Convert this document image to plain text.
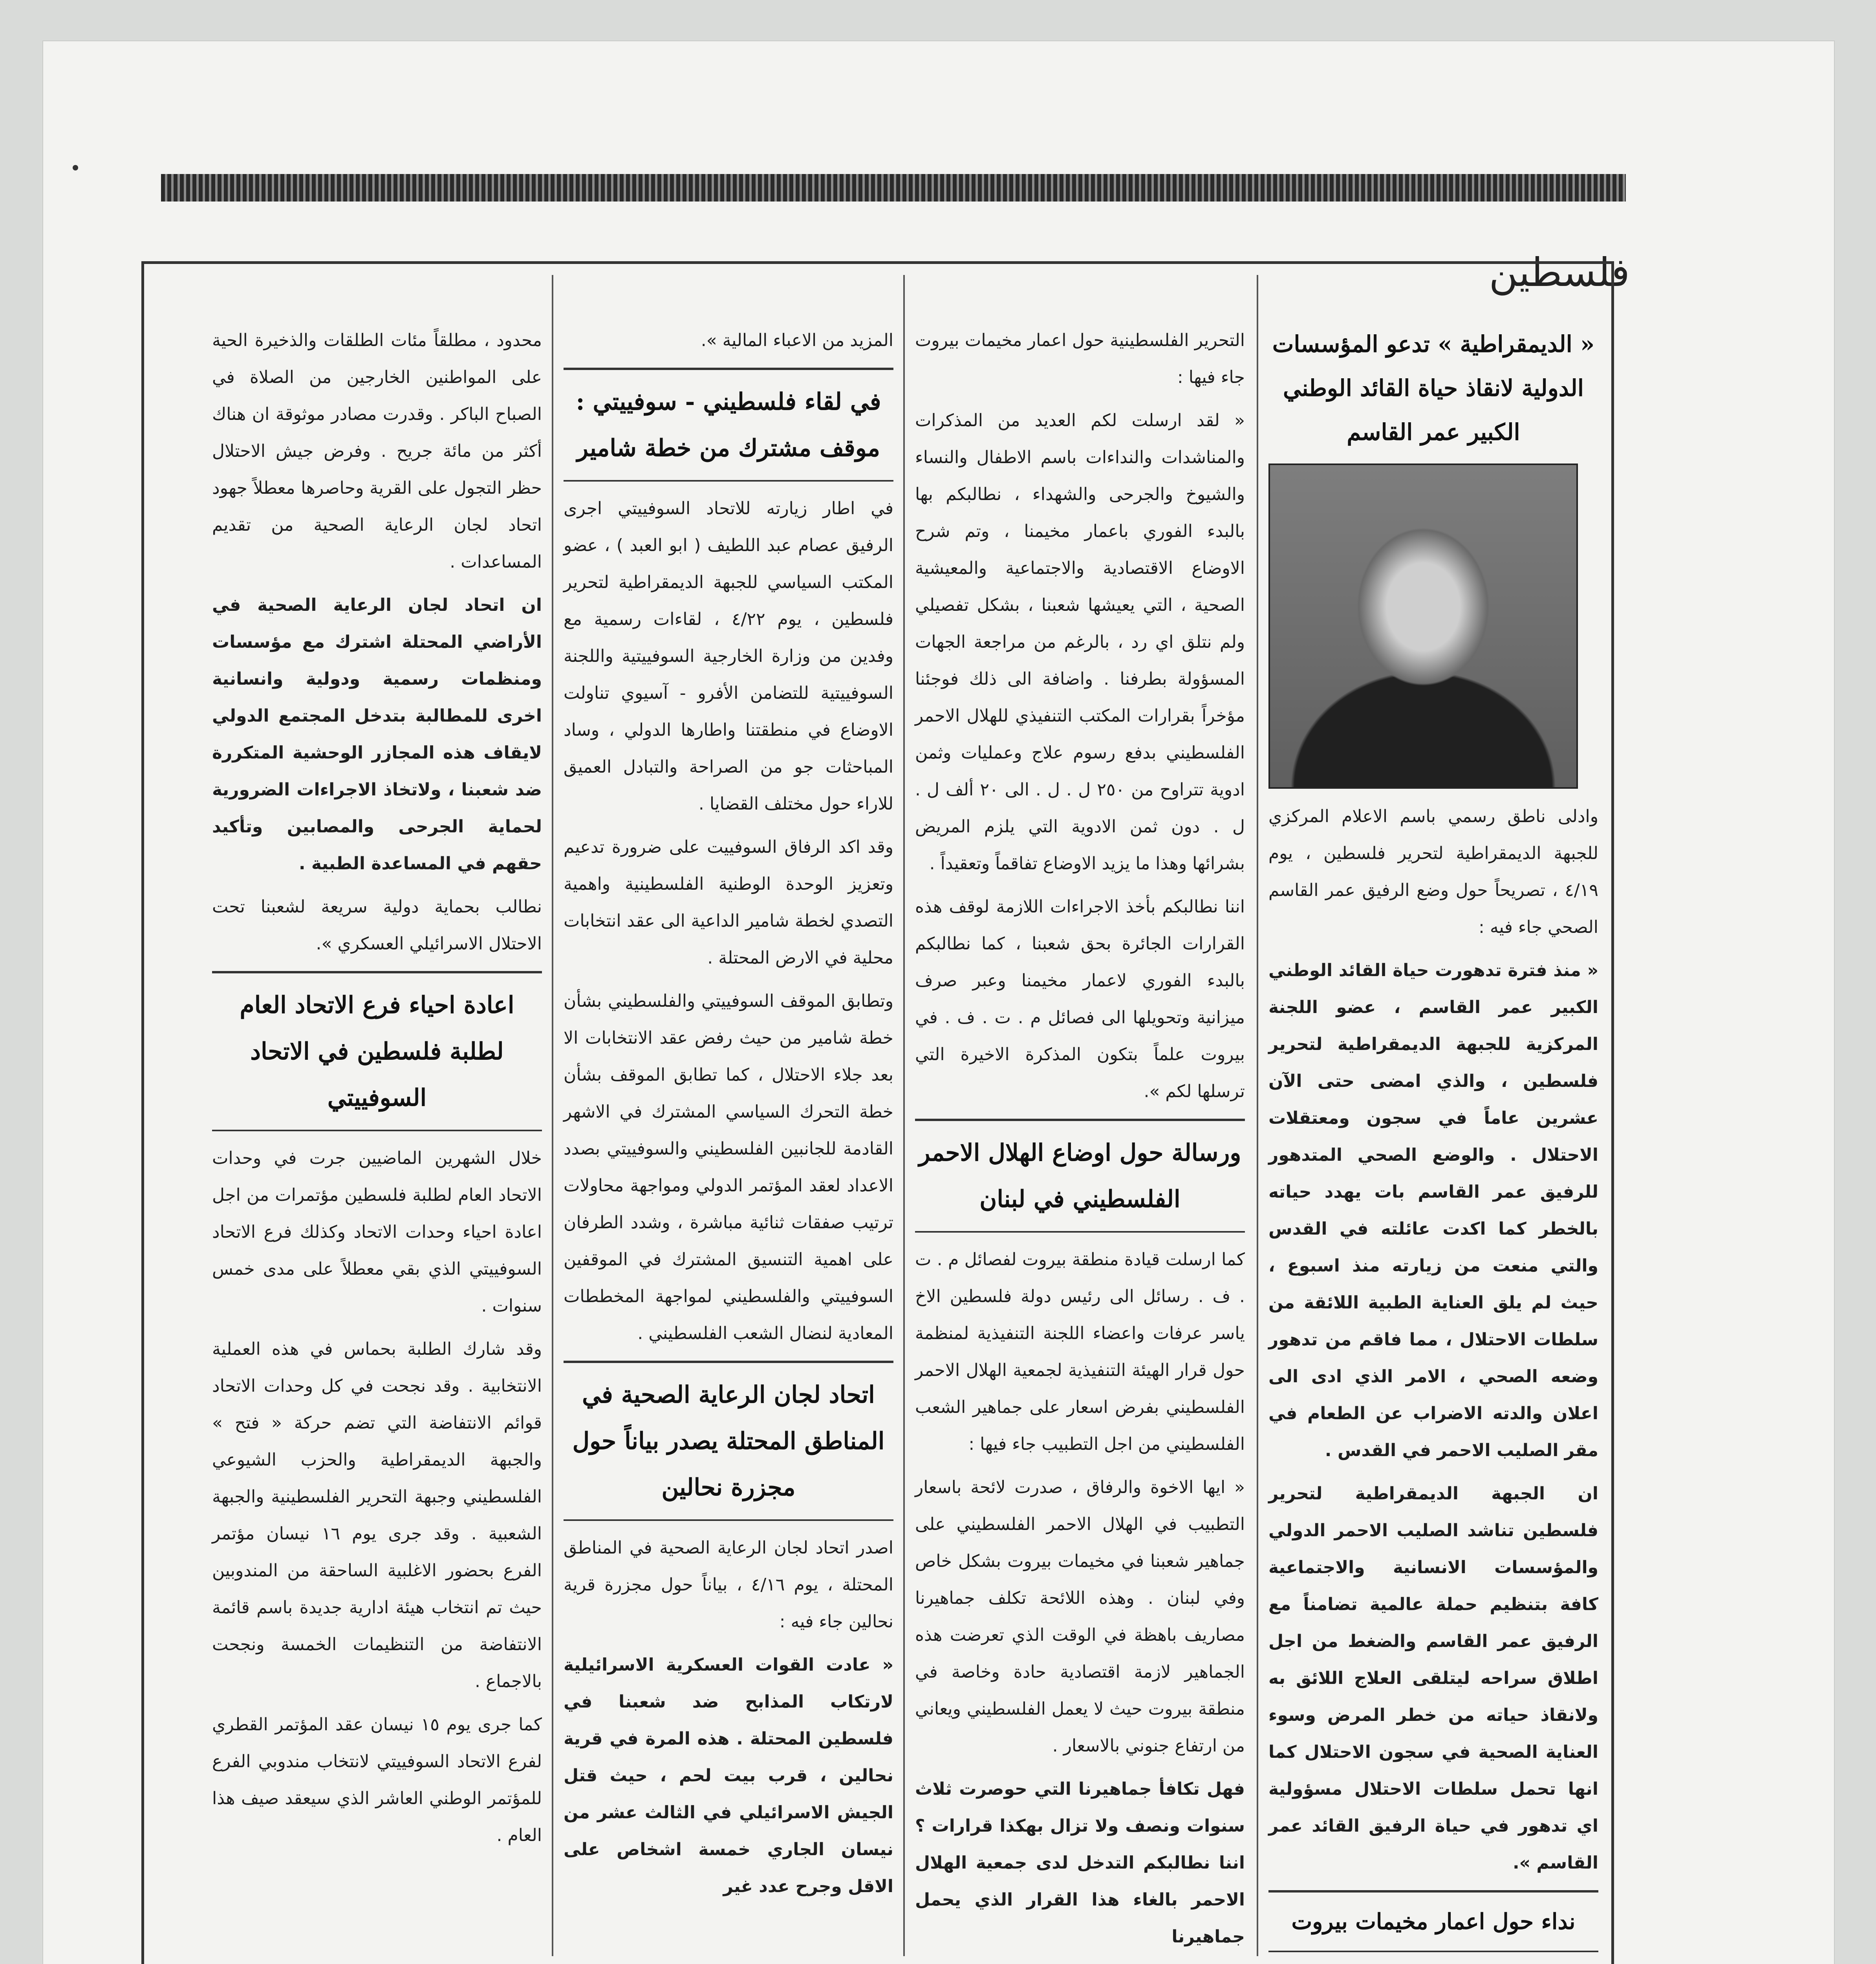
فلسطين
« الديمقراطية » تدعو المؤسسات الدولية لانقاذ حياة القائد الوطني الكبير عمر القاسم

وادلى ناطق رسمي باسم الاعلام المركزي للجبهة الديمقراطية لتحرير فلسطين ، يوم ٤/١٩ ، تصريحاً حول وضع الرفيق عمر القاسم الصحي جاء فيه :

« منذ فترة تدهورت حياة القائد الوطني الكبير عمر القاسم ، عضو اللجنة المركزية للجبهة الديمقراطية لتحرير فلسطين ، والذي امضى حتى الآن عشرين عاماً في سجون ومعتقلات الاحتلال . والوضع الصحي المتدهور للرفيق عمر القاسم بات يهدد حياته بالخطر كما اكدت عائلته في القدس والتي منعت من زيارته منذ اسبوع ، حيث لم يلق العناية الطبية اللائقة من سلطات الاحتلال ، مما فاقم من تدهور وضعه الصحي ، الامر الذي ادى الى اعلان والدته الاضراب عن الطعام في مقر الصليب الاحمر في القدس .

ان الجبهة الديمقراطية لتحرير فلسطين تناشد الصليب الاحمر الدولي والمؤسسات الانسانية والاجتماعية كافة بتنظيم حملة عالمية تضامناً مع الرفيق عمر القاسم والضغط من اجل اطلاق سراحه ليتلقى العلاج اللائق به ولانقاذ حياته من خطر المرض وسوء العناية الصحية في سجون الاحتلال كما انها تحمل سلطات الاحتلال مسؤولية اي تدهور في حياة الرفيق القائد عمر القاسم ».

نداء حول اعمار مخيمات بيروت

التحرير الفلسطينية حول اعمار مخيمات بيروت جاء فيها :

« لقد ارسلت لكم العديد من المذكرات والمناشدات والنداءات باسم الاطفال والنساء والشيوخ والجرحى والشهداء ، نطالبكم بها بالبدء الفوري باعمار مخيمنا ، وتم شرح الاوضاع الاقتصادية والاجتماعية والمعيشية الصحية ، التي يعيشها شعبنا ، بشكل تفصيلي ولم نتلق اي رد ، بالرغم من مراجعة الجهات المسؤولة بطرفنا . واضافة الى ذلك فوجئنا مؤخراً بقرارات المكتب التنفيذي للهلال الاحمر الفلسطيني بدفع رسوم علاج وعمليات وثمن ادوية تتراوح من ٢٥٠ ل . ل . الى ٢٠ ألف ل . ل . دون ثمن الادوية التي يلزم المريض بشرائها وهذا ما يزيد الاوضاع تفاقماً وتعقيداً .

اننا نطالبكم بأخذ الاجراءات اللازمة لوقف هذه القرارات الجائرة بحق شعبنا ، كما نطالبكم بالبدء الفوري لاعمار مخيمنا وعبر صرف ميزانية وتحويلها الى فصائل م . ت . ف . في بيروت علماً بتكون المذكرة الاخيرة التي ترسلها لكم ».

ورسالة حول اوضاع الهلال الاحمر الفلسطيني في لبنان

كما ارسلت قيادة منطقة بيروت لفصائل م . ت . ف . رسائل الى رئيس دولة فلسطين الاخ ياسر عرفات واعضاء اللجنة التنفيذية لمنظمة حول قرار الهيئة التنفيذية لجمعية الهلال الاحمر الفلسطيني بفرض اسعار على جماهير الشعب الفلسطيني من اجل التطبيب جاء فيها :

« ايها الاخوة والرفاق ، صدرت لائحة باسعار التطبيب في الهلال الاحمر الفلسطيني على جماهير شعبنا في مخيمات بيروت بشكل خاص وفي لبنان . وهذه اللائحة تكلف جماهيرنا مصاريف باهظة في الوقت الذي تعرضت هذه الجماهير لازمة اقتصادية حادة وخاصة في منطقة بيروت حيث لا يعمل الفلسطيني ويعاني من ارتفاع جنوني بالاسعار .

فهل تكافأ جماهيرنا التي حوصرت ثلاث سنوات ونصف ولا تزال بهكذا قرارات ؟ اننا نطالبكم التدخل لدى جمعية الهلال الاحمر بالغاء هذا القرار الذي يحمل جماهيرنا

المزيد من الاعباء المالية ».

في لقاء فلسطيني - سوفييتي : موقف مشترك من خطة شامير

في اطار زيارته للاتحاد السوفييتي اجرى الرفيق عصام عبد اللطيف ( ابو العبد ) ، عضو المكتب السياسي للجبهة الديمقراطية لتحرير فلسطين ، يوم ٤/٢٢ ، لقاءات رسمية مع وفدين من وزارة الخارجية السوفييتية واللجنة السوفييتية للتضامن الأفرو - آسيوي تناولت الاوضاع في منطقتنا واطارها الدولي ، وساد المباحثات جو من الصراحة والتبادل العميق للاراء حول مختلف القضايا .

وقد اكد الرفاق السوفييت على ضرورة تدعيم وتعزيز الوحدة الوطنية الفلسطينية واهمية التصدي لخطة شامير الداعية الى عقد انتخابات محلية في الارض المحتلة .

وتطابق الموقف السوفييتي والفلسطيني بشأن خطة شامير من حيث رفض عقد الانتخابات الا بعد جلاء الاحتلال ، كما تطابق الموقف بشأن خطة التحرك السياسي المشترك في الاشهر القادمة للجانبين الفلسطيني والسوفييتي بصدد الاعداد لعقد المؤتمر الدولي ومواجهة محاولات ترتيب صفقات ثنائية مباشرة ، وشدد الطرفان على اهمية التنسيق المشترك في الموقفين السوفييتي والفلسطيني لمواجهة المخططات المعادية لنضال الشعب الفلسطيني .

اتحاد لجان الرعاية الصحية في المناطق المحتلة يصدر بياناً حول مجزرة نحالين

اصدر اتحاد لجان الرعاية الصحية في المناطق المحتلة ، يوم ٤/١٦ ، بياناً حول مجزرة قرية نحالين جاء فيه :

« عادت القوات العسكرية الاسرائيلية لارتكاب المذابح ضد شعبنا في فلسطين المحتلة . هذه المرة في قرية نحالين ، قرب بيت لحم ، حيث قتل الجيش الاسرائيلي في الثالث عشر من نيسان الجاري خمسة اشخاص على الاقل وجرح عدد غير

محدود ، مطلقاً مئات الطلقات والذخيرة الحية على المواطنين الخارجين من الصلاة في الصباح الباكر . وقدرت مصادر موثوقة ان هناك أكثر من مائة جريح . وفرض جيش الاحتلال حظر التجول على القرية وحاصرها معطلاً جهود اتحاد لجان الرعاية الصحية من تقديم المساعدات .

ان اتحاد لجان الرعاية الصحية في الأراضي المحتلة اشترك مع مؤسسات ومنظمات رسمية ودولية وانسانية اخرى للمطالبة بتدخل المجتمع الدولي لايقاف هذه المجازر الوحشية المتكررة ضد شعبنا ، ولاتخاذ الاجراءات الضرورية لحماية الجرحى والمصابين وتأكيد حقهم في المساعدة الطبية .

نطالب بحماية دولية سريعة لشعبنا تحت الاحتلال الاسرائيلي العسكري ».

اعادة احياء فرع الاتحاد العام لطلبة فلسطين في الاتحاد السوفييتي

خلال الشهرين الماضيين جرت في وحدات الاتحاد العام لطلبة فلسطين مؤتمرات من اجل اعادة احياء وحدات الاتحاد وكذلك فرع الاتحاد السوفييتي الذي بقي معطلاً على مدى خمس سنوات .

وقد شارك الطلبة بحماس في هذه العملية الانتخابية . وقد نجحت في كل وحدات الاتحاد قوائم الانتفاضة التي تضم حركة « فتح » والجبهة الديمقراطية والحزب الشيوعي الفلسطيني وجبهة التحرير الفلسطينية والجبهة الشعبية . وقد جرى يوم ١٦ نيسان مؤتمر الفرع بحضور الاغلبية الساحقة من المندوبين حيث تم انتخاب هيئة ادارية جديدة باسم قائمة الانتفاضة من التنظيمات الخمسة ونجحت بالاجماع .

كما جرى يوم ١٥ نيسان عقد المؤتمر القطري لفرع الاتحاد السوفييتي لانتخاب مندوبي الفرع للمؤتمر الوطني العاشر الذي سيعقد صيف هذا العام .
